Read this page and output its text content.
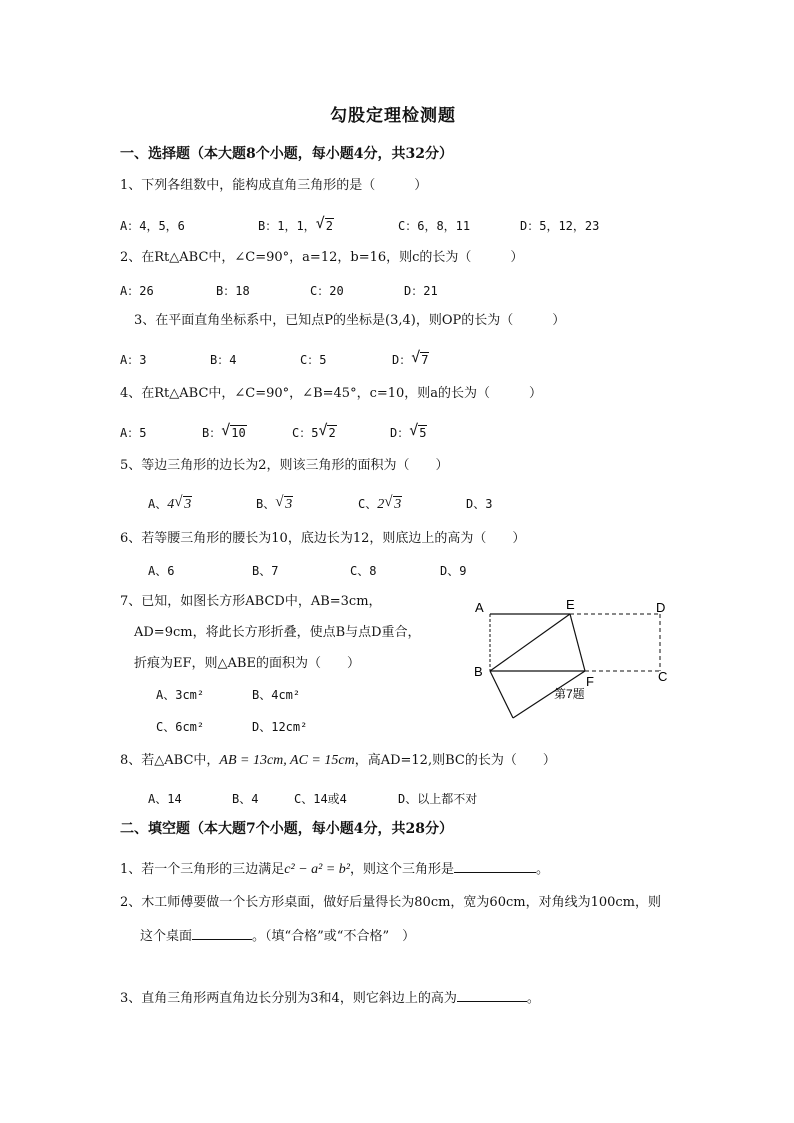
勾股定理检测题
一、选择题（本大题8个小题，每小题4分，共32分）
1、下列各组数中，能构成直角三角形的是（　　　）
A：4，5，6	B：1，1， √ 2	C：6，8，11	D：5，12，23
2、在Rt△ABC中，∠C=90°，a=12，b=16，则c的长为（　　　）
A：26	B：18	C：20	D：21
3、在平面直角坐标系中，已知点P的坐标是(3,4)，则OP的长为（　　　）
A：3	B：4	C：5	D： √ 7
4、在Rt△ABC中，∠C=90°，∠B=45°，c=10，则a的长为（　　　）
A：5	B： √ 10	C：5 √ 2	D： √ 5
5、等边三角形的边长为2，则该三角形的面积为（　　）
A、4 √ 3	B、 √ 3	C、2 √ 3	D、3
6、若等腰三角形的腰长为10，底边长为12，则底边上的高为（　　）
A、6	B、7	C、8	D、9
7、已知，如图长方形ABCD中，AB=3cm，
AD=9cm，将此长方形折叠，使点B与点D重合，
折痕为EF，则△ABE的面积为（　　）
A、3cm²	B、4cm²
C、6cm²	D、12cm²
A	E	D
B
F	C
第7题
8、若△ABC中，AB = 13cm, AC = 15cm，高AD=12,则BC的长为（　　）
A、14	B、4	C、14或4	D、以上都不对
二、填空题（本大题7个小题，每小题4分，共28分）
1、若一个三角形的三边满足c² − a² = b²，则这个三角形是	。
2、木工师傅要做一个长方形桌面，做好后量得长为80cm，宽为60cm，对角线为100cm，则
这个桌面	。（填“合格”或“不合格”　）
3、直角三角形两直角边长分别为3和4，则它斜边上的高为	。
